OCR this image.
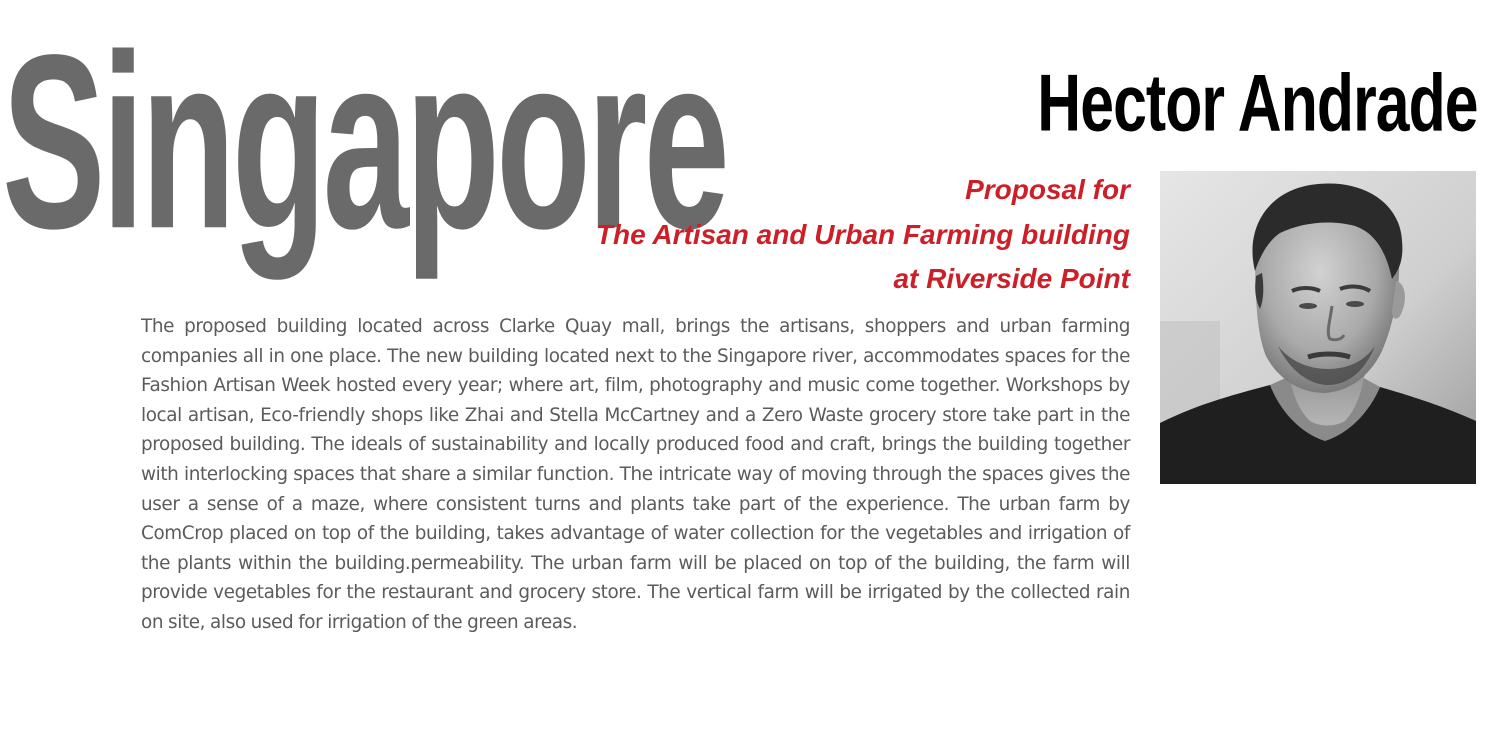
Singapore	Hector Andrade
Proposal for
The Artisan and Urban Farming building
at Riverside Point

The proposed building located across Clarke Quay mall, brings the artisans, shoppers and urban farming companies all in one place. The new building located next to the Singapore river, accommodates spaces for the Fashion Artisan Week hosted every year; where art, film, photography and music come together. Workshops by local artisan, Eco-friendly shops like Zhai and Stella McCartney and a Zero Waste grocery store take part in the proposed building. The ideals of sustainability and locally produced food and craft, brings the building together with interlocking spaces that share a similar function. The intricate way of moving through the spaces gives the user a sense of a maze, where consistent turns and plants take part of the experience. The urban farm by ComCrop placed on top of the building, takes advantage of water collection for the vegetables and irrigation of the plants within the building.permeability. The urban farm will be placed on top of the building, the farm will provide vegetables for the restaurant and grocery store. The vertical farm will be irrigated by the collected rain on site, also used for irrigation of the green areas.
